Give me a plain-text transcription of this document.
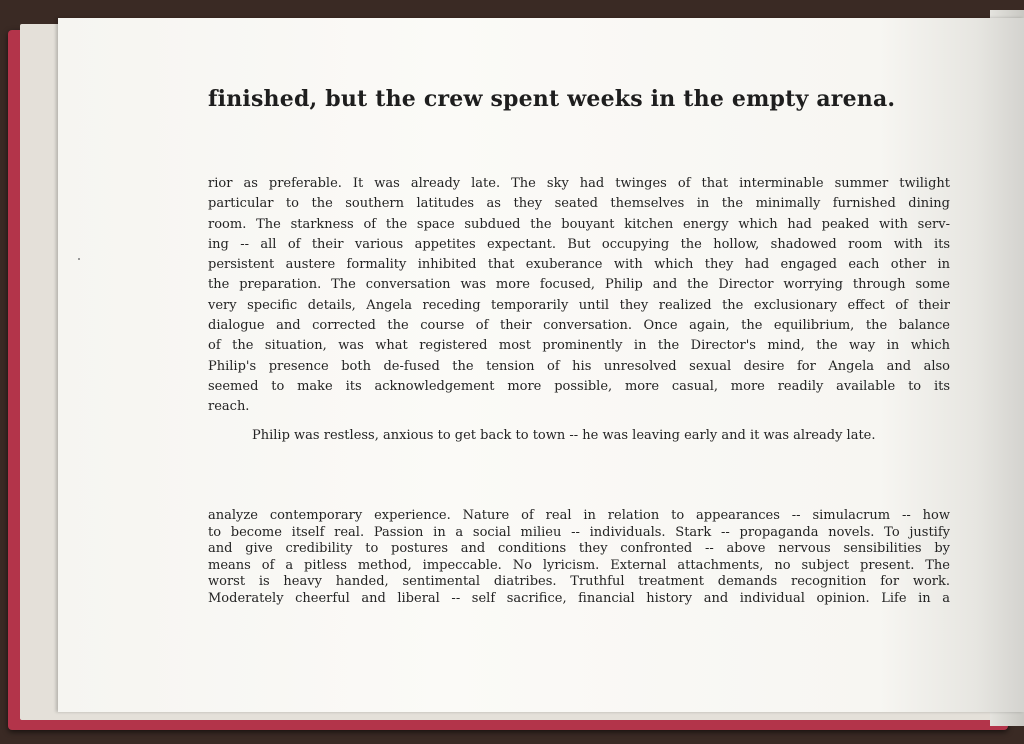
finished, but the crew spent weeks in the empty arena.
rior as preferable. It was already late. The sky had twinges of that interminable summer twilight
particular to the southern latitudes as they seated themselves in the minimally furnished dining
room. The starkness of the space subdued the bouyant kitchen energy which had peaked with serv-
ing -- all of their various appetites expectant. But occupying the hollow, shadowed room with its
persistent austere formality inhibited that exuberance with which they had engaged each other in
the preparation. The conversation was more focused, Philip and the Director worrying through some
very specific details, Angela receding temporarily until they realized the exclusionary effect of their
dialogue and corrected the course of their conversation. Once again, the equilibrium, the balance
of the situation, was what registered most prominently in the Director's mind, the way in which
Philip's presence both de-fused the tension of his unresolved sexual desire for Angela and also
seemed to make its acknowledgement more possible, more casual, more readily available to its
reach.
Philip was restless, anxious to get back to town -- he was leaving early and it was already late.
analyze contemporary experience. Nature of real in relation to appearances -- simulacrum -- how
to become itself real. Passion in a social milieu -- individuals. Stark -- propaganda novels. To justify
and give credibility to postures and conditions they confronted -- above nervous sensibilities by
means of a pitless method, impeccable. No lyricism. External attachments, no subject present. The
worst is heavy handed, sentimental diatribes. Truthful treatment demands recognition for work.
Moderately cheerful and liberal -- self sacrifice, financial history and individual opinion. Life in a
